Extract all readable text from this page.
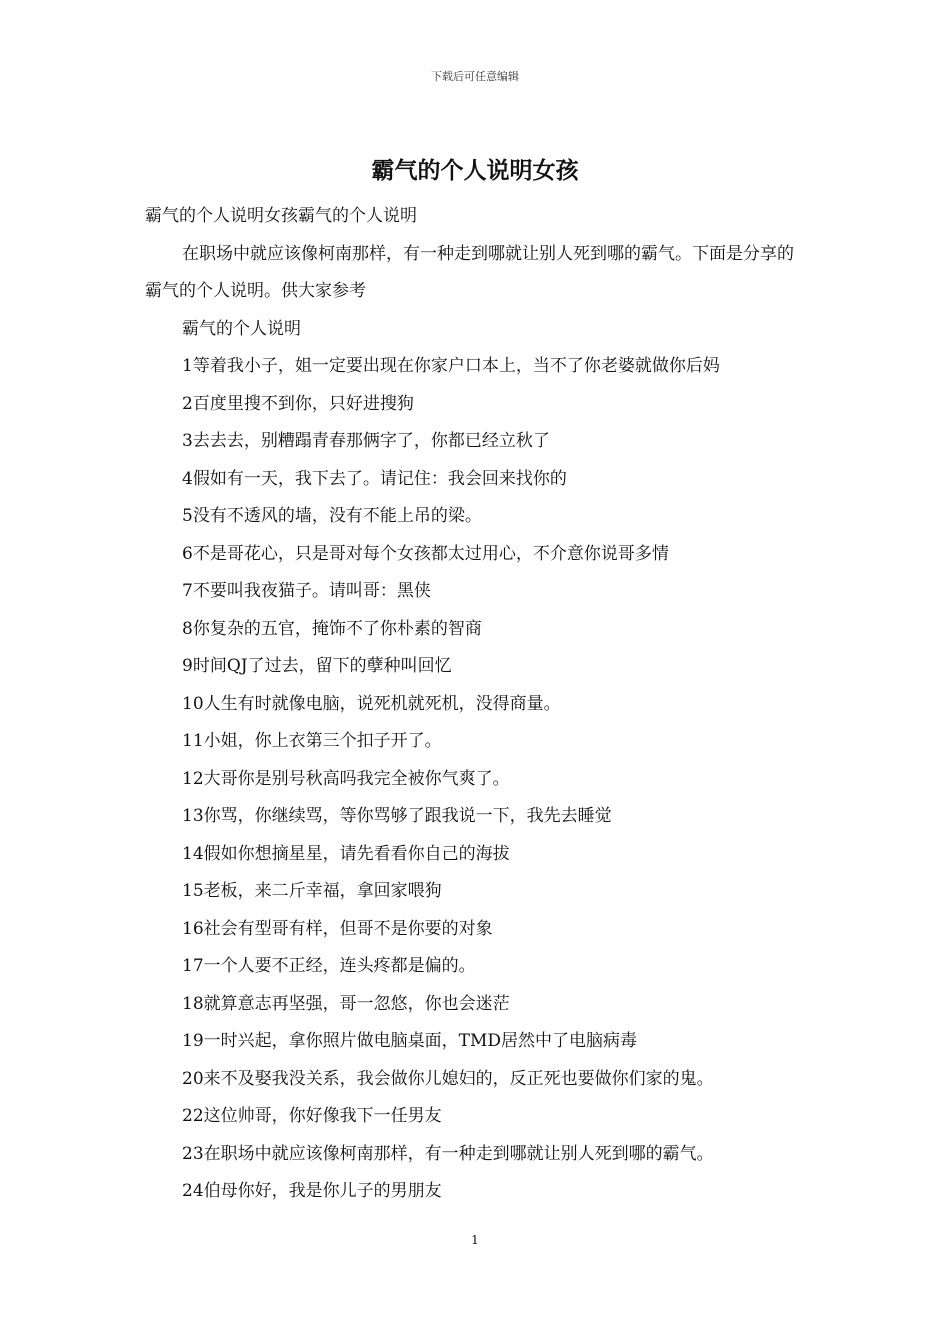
下载后可任意编辑
霸气的个人说明女孩

霸气的个人说明女孩霸气的个人说明

在职场中就应该像柯南那样，有一种走到哪就让别人死到哪的霸气。下面是分享的霸气的个人说明。供大家参考

霸气的个人说明

1等着我小子，姐一定要出现在你家户口本上，当不了你老婆就做你后妈

2百度里搜不到你，只好进搜狗

3去去去，别糟蹋青春那俩字了，你都已经立秋了

4假如有一天，我下去了。请记住：我会回来找你的

5没有不透风的墙，没有不能上吊的梁。

6不是哥花心，只是哥对每个女孩都太过用心，不介意你说哥多情

7不要叫我夜猫子。请叫哥：黑侠

8你复杂的五官，掩饰不了你朴素的智商

9时间QJ了过去，留下的孽种叫回忆

10人生有时就像电脑，说死机就死机，没得商量。

11小姐，你上衣第三个扣子开了。

12大哥你是别号秋高吗我完全被你气爽了。

13你骂，你继续骂，等你骂够了跟我说一下，我先去睡觉

14假如你想摘星星，请先看看你自己的海拔

15老板，来二斤幸福，拿回家喂狗

16社会有型哥有样，但哥不是你要的对象

17一个人要不正经，连头疼都是偏的。

18就算意志再坚强，哥一忽悠，你也会迷茫

19一时兴起，拿你照片做电脑桌面，TMD居然中了电脑病毒

20来不及娶我没关系，我会做你儿媳妇的，反正死也要做你们家的鬼。

22这位帅哥，你好像我下一任男友

23在职场中就应该像柯南那样，有一种走到哪就让别人死到哪的霸气。

24伯母你好，我是你儿子的男朋友

1
